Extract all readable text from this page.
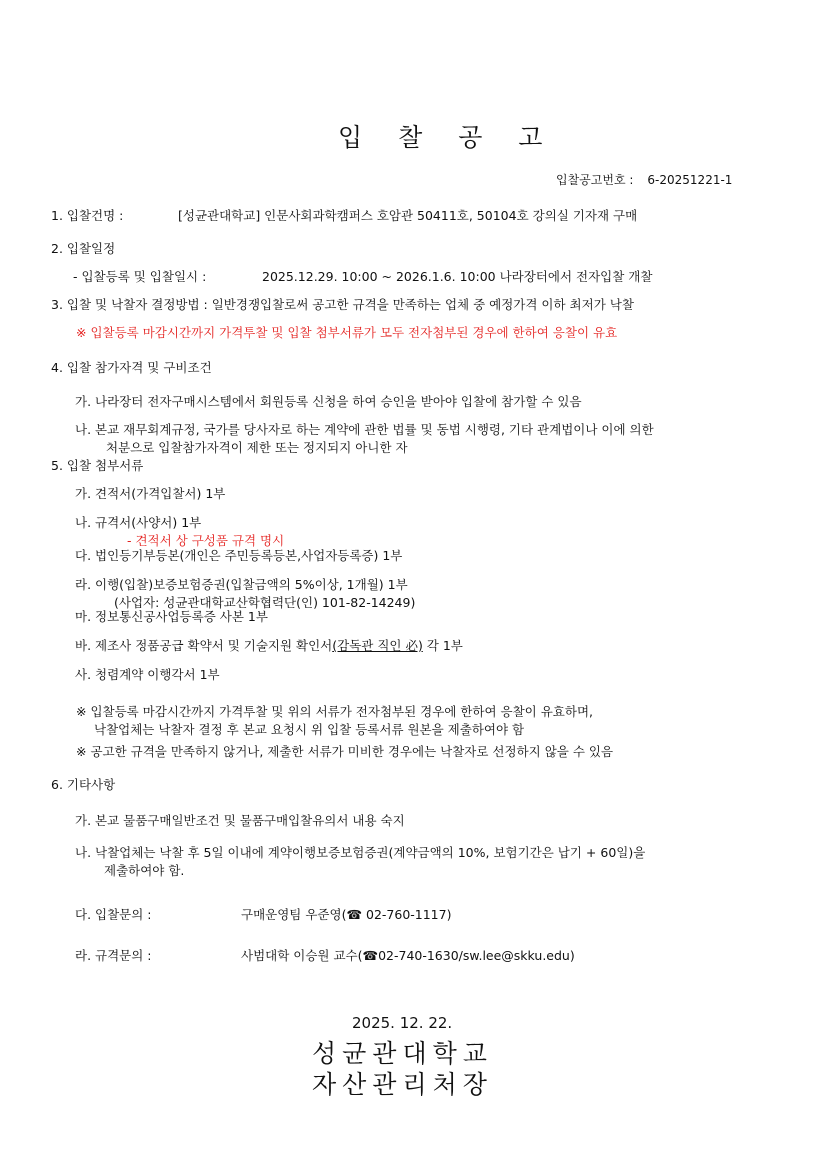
입 찰 공 고
입찰공고번호 : 6-20251221-1
1. 입찰건명 :	[성균관대학교] 인문사회과학캠퍼스 호암관 50411호, 50104호 강의실 기자재 구매
2. 입찰일정
- 입찰등록 및 입찰일시 :	2025.12.29. 10:00 ~ 2026.1.6. 10:00 나라장터에서 전자입찰 개찰
3. 입찰 및 낙찰자 결정방법 : 일반경쟁입찰로써 공고한 규격을 만족하는 업체 중 예정가격 이하 최저가 낙찰
※ 입찰등록 마감시간까지 가격투찰 및 입찰 첨부서류가 모두 전자첨부된 경우에 한하여 응찰이 유효
4. 입찰 참가자격 및 구비조건
가. 나라장터 전자구매시스템에서 회원등록 신청을 하여 승인을 받아야 입찰에 참가할 수 있음
나. 본교 재무회계규정, 국가를 당사자로 하는 계약에 관한 법률 및 동법 시행령, 기타 관계법이나 이에 의한
처분으로 입찰참가자격이 제한 또는 정지되지 아니한 자
5. 입찰 첨부서류
가. 견적서(가격입찰서) 1부
나. 규격서(사양서) 1부
- 견적서 상 구성품 규격 명시
다. 법인등기부등본(개인은 주민등록등본,사업자등록증) 1부
라. 이행(입찰)보증보험증권(입찰금액의 5%이상, 1개월) 1부
(사업자: 성균관대학교산학협력단(인) 101-82-14249)
마. 정보통신공사업등록증 사본 1부
바. 제조사 정품공급 확약서 및 기술지원 확인서(감독관 직인 必) 각 1부
사. 청렴계약 이행각서 1부
※ 입찰등록 마감시간까지 가격투찰 및 위의 서류가 전자첨부된 경우에 한하여 응찰이 유효하며,
낙찰업체는 낙찰자 결정 후 본교 요청시 위 입찰 등록서류 원본을 제출하여야 함
※ 공고한 규격을 만족하지 않거나, 제출한 서류가 미비한 경우에는 낙찰자로 선정하지 않을 수 있음
6. 기타사항
가. 본교 물품구매일반조건 및 물품구매입찰유의서 내용 숙지
나. 낙찰업체는 낙찰 후 5일 이내에 계약이행보증보험증권(계약금액의 10%, 보험기간은 납기 + 60일)을
제출하여야 함.
다. 입찰문의 :	구매운영팀 우준영(☎ 02-760-1117)
라. 규격문의 :	사범대학 이승원 교수(☎02-740-1630/sw.lee@skku.edu)
2025. 12. 22.
성균관대학교
자산관리처장
